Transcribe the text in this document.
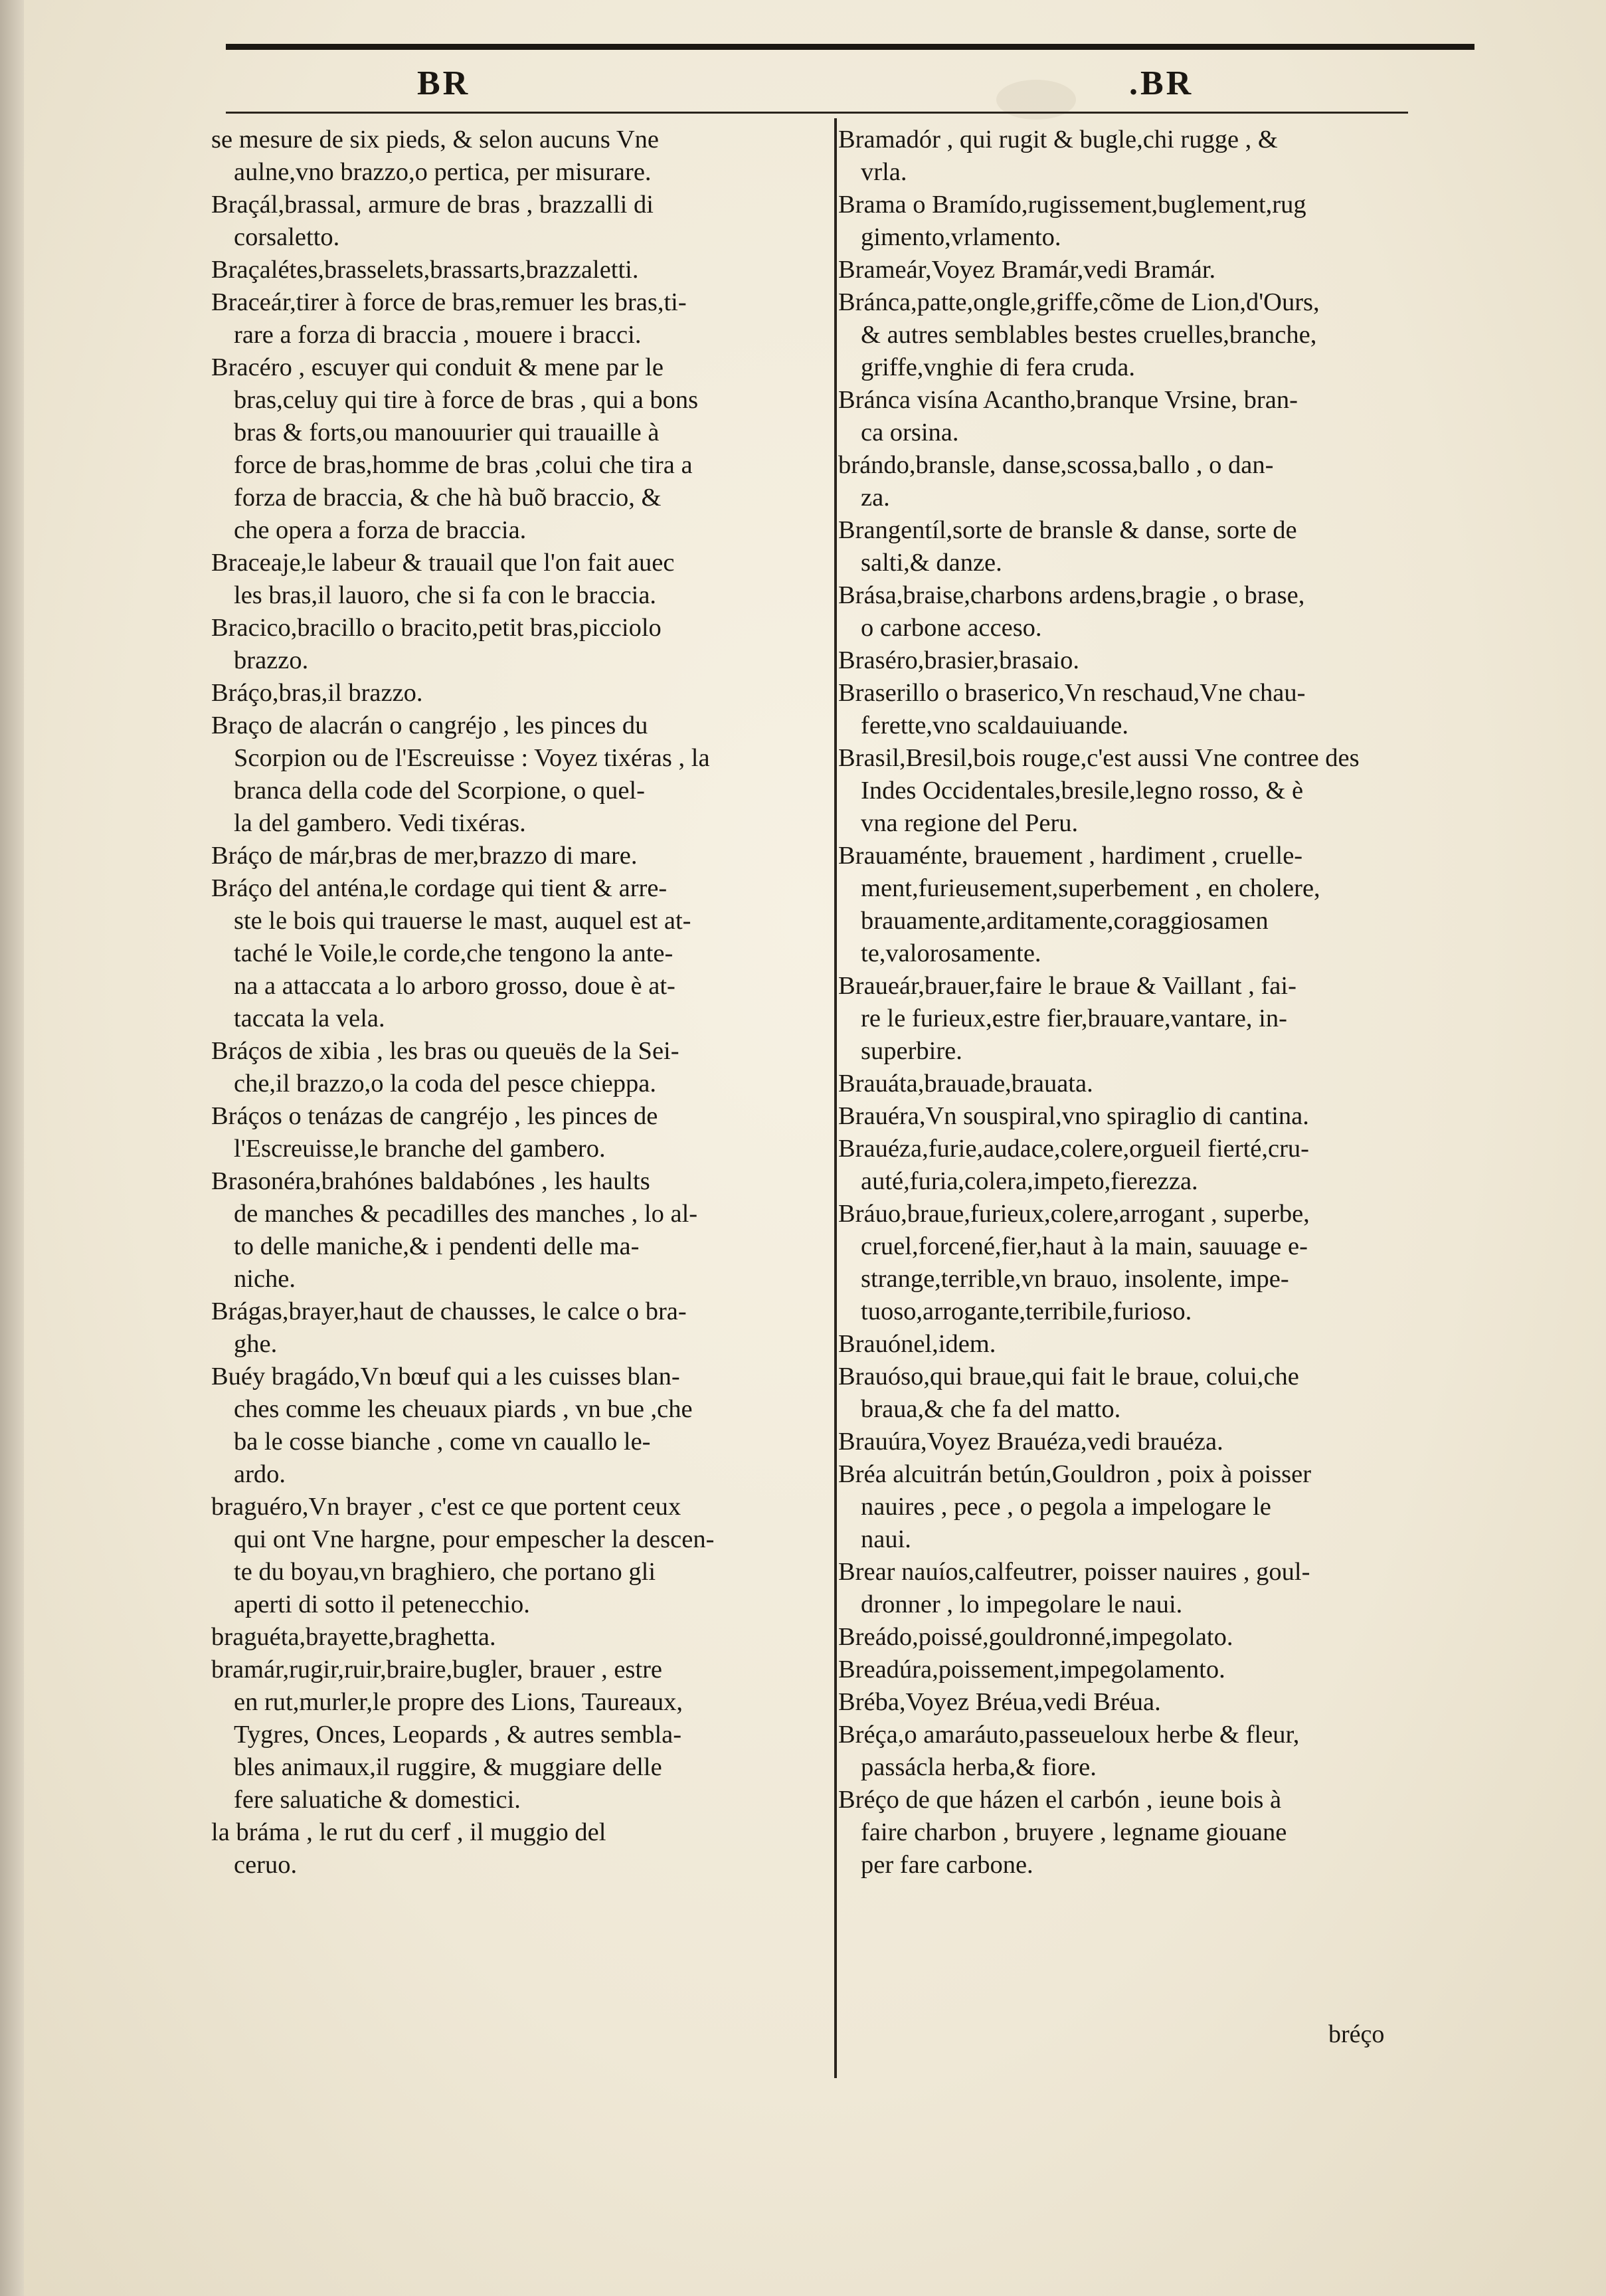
BR	.BR
se mesure de six pieds, & selon aucuns Vne
aulne,vno brazzo,o pertica, per misurare.
Braçál,brassal, armure de bras , brazzalli di
corsaletto.
Braçalétes,brasselets,brassarts,brazzaletti.
Braceár,tirer à force de bras,remuer les bras,ti-
rare a forza di braccia , mouere i bracci.
Bracéro , escuyer qui conduit & mene par le
bras,celuy qui tire à force de bras , qui a bons
bras & forts,ou manouurier qui trauaille à
force de bras,homme de bras ,colui che tira a
forza de braccia, & che hà buõ braccio, &
che opera a forza de braccia.
Braceaje,le labeur & trauail que l'on fait auec
les bras,il lauoro, che si fa con le braccia.
Bracico,bracillo o bracito,petit bras,picciolo
brazzo.
Bráço,bras,il brazzo.
Braço de alacrán o cangréjo , les pinces du
Scorpion ou de l'Escreuisse : Voyez tixéras , la
branca della code del Scorpione, o quel-
la del gambero. Vedi tixéras.
Bráço de már,bras de mer,brazzo di mare.
Bráço del anténa,le cordage qui tient & arre-
ste le bois qui trauerse le mast, auquel est at-
taché le Voile,le corde,che tengono la ante-
na a attaccata a lo arboro grosso, doue è at-
taccata la vela.
Bráços de xibia , les bras ou queuës de la Sei-
che,il brazzo,o la coda del pesce chieppa.
Bráços o tenázas de cangréjo , les pinces de
l'Escreuisse,le branche del gambero.
Brasonéra,brahónes baldabónes , les haults
de manches & pecadilles des manches , lo al-
to delle maniche,& i pendenti delle ma-
niche.
Brágas,brayer,haut de chausses, le calce o bra-
ghe.
Buéy bragádo,Vn bœuf qui a les cuisses blan-
ches comme les cheuaux piards , vn bue ,che
ba le cosse bianche , come vn cauallo le-
ardo.
braguéro,Vn brayer , c'est ce que portent ceux
qui ont Vne hargne, pour empescher la descen-
te du boyau,vn braghiero, che portano gli
aperti di sotto il petenecchio.
braguéta,brayette,braghetta.
bramár,rugir,ruir,braire,bugler, brauer , estre
en rut,murler,le propre des Lions, Taureaux,
Tygres, Onces, Leopards , & autres sembla-
bles animaux,il ruggire, & muggiare delle
fere saluatiche & domestici.
la bráma , le rut du cerf , il muggio del
ceruo.
Bramadór , qui rugit & bugle,chi rugge , &
vrla.
Brama o Bramído,rugissement,buglement,rug
gimento,vrlamento.
Brameár,Voyez Bramár,vedi Bramár.
Bránca,patte,ongle,griffe,cõme de Lion,d'Ours,
& autres semblables bestes cruelles,branche,
griffe,vnghie di fera cruda.
Bránca visína Acantho,branque Vrsine, bran-
ca orsina.
brándo,bransle, danse,scossa,ballo , o dan-
za.
Brangentíl,sorte de bransle & danse, sorte de
salti,& danze.
Brása,braise,charbons ardens,bragie , o brase,
o carbone acceso.
Braséro,brasier,brasaio.
Braserillo o braserico,Vn reschaud,Vne chau-
ferette,vno scaldauiuande.
Brasil,Bresil,bois rouge,c'est aussi Vne contree des
Indes Occidentales,bresile,legno rosso, & è
vna regione del Peru.
Brauaménte, brauement , hardiment , cruelle-
ment,furieusement,superbement , en cholere,
brauamente,arditamente,coraggiosamen
te,valorosamente.
Braueár,brauer,faire le braue & Vaillant , fai-
re le furieux,estre fier,brauare,vantare, in-
superbire.
Brauáta,brauade,brauata.
Brauéra,Vn souspiral,vno spiraglio di cantina.
Brauéza,furie,audace,colere,orgueil fierté,cru-
auté,furia,colera,impeto,fierezza.
Bráuo,braue,furieux,colere,arrogant , superbe,
cruel,forcené,fier,haut à la main, sauuage e-
strange,terrible,vn brauo, insolente, impe-
tuoso,arrogante,terribile,furioso.
Brauónel,idem.
Brauóso,qui braue,qui fait le braue, colui,che
braua,& che fa del matto.
Brauúra,Voyez Brauéza,vedi brauéza.
Bréa alcuitrán betún,Gouldron , poix à poisser
nauires , pece , o pegola a impelogare le
naui.
Brear nauíos,calfeutrer, poisser nauires , goul-
dronner , lo impegolare le naui.
Breádo,poissé,gouldronné,impegolato.
Breadúra,poissement,impegolamento.
Bréba,Voyez Bréua,vedi Bréua.
Bréça,o amaráuto,passeueloux herbe & fleur,
passácla herba,& fiore.
Bréço de que házen el carbón , ieune bois à
faire charbon , bruyere , legname giouane
per fare carbone.
bréço
